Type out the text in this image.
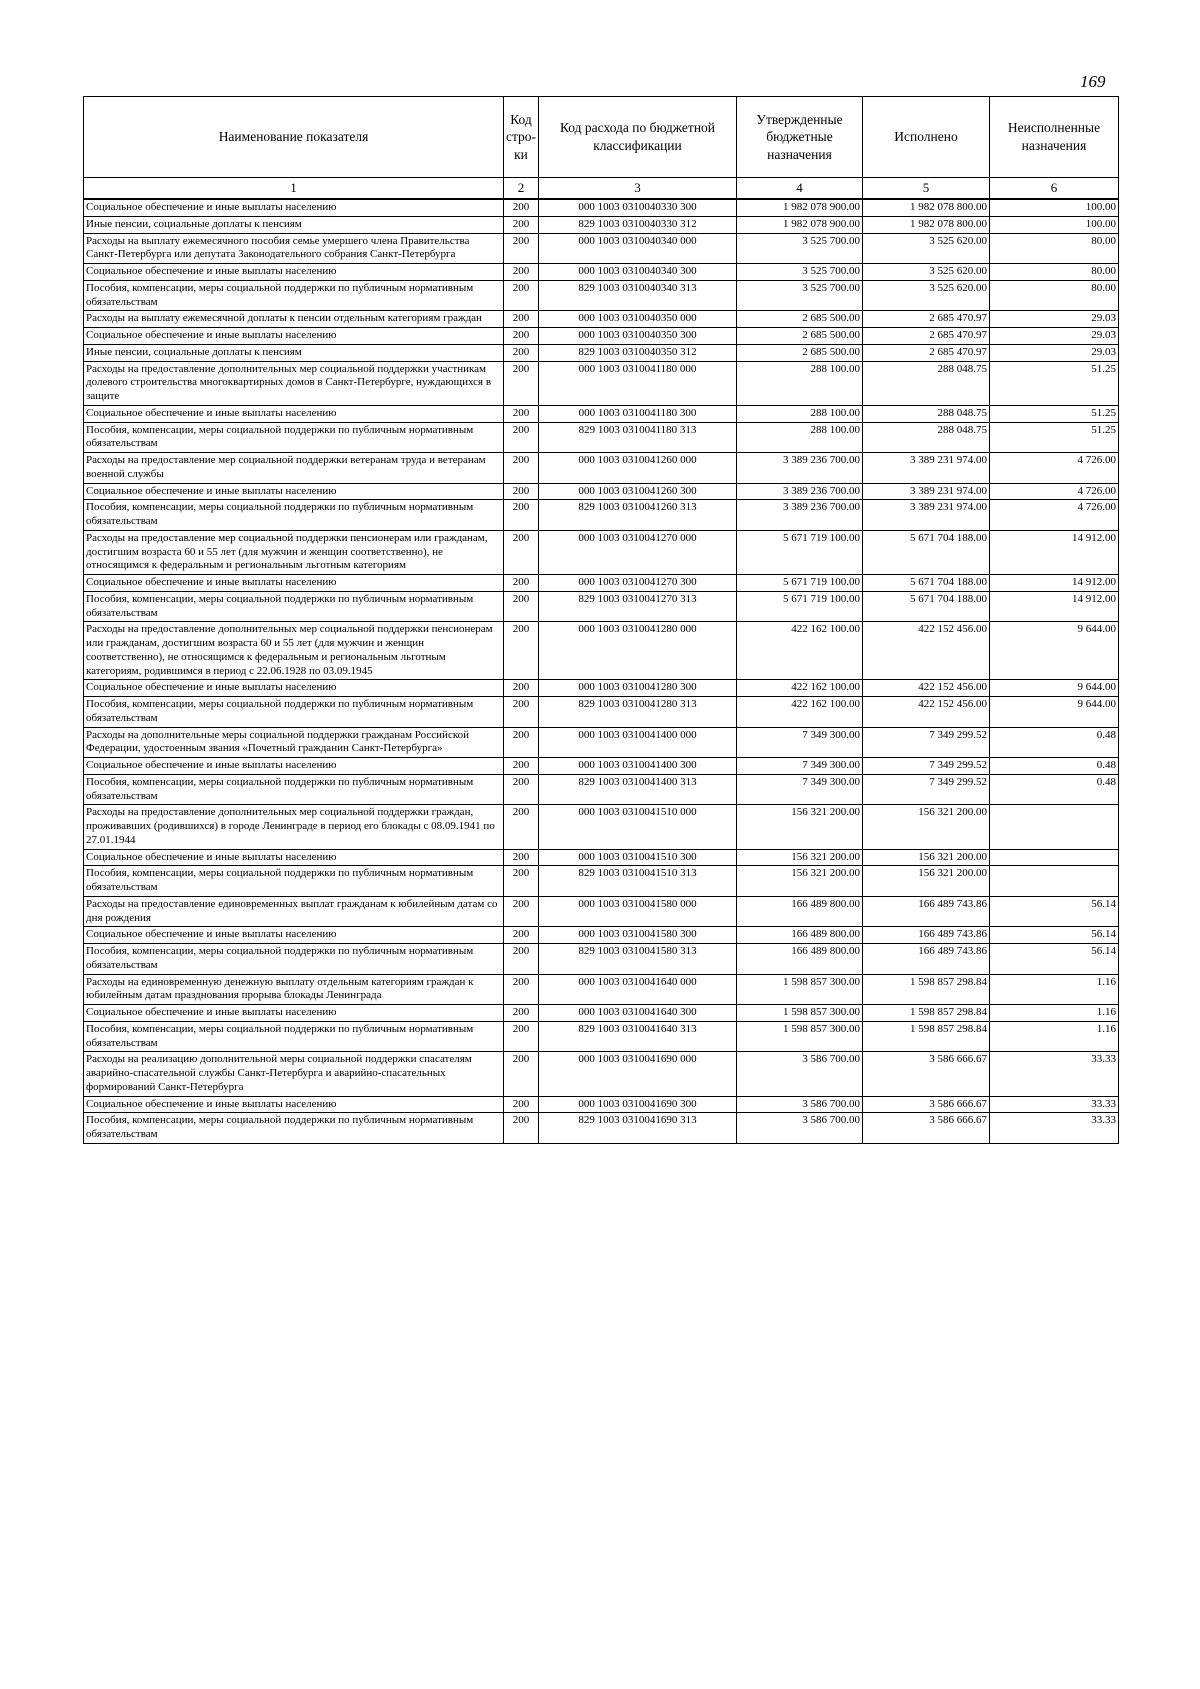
169
Наименование показателя	Код стро-ки	Код расхода по бюджетной классификации	Утвержденные бюджетные назначения	Исполнено	Неисполненные назначения
1	2	3	4	5	6
Социальное обеспечение и иные выплаты населению	200	000 1003 0310040330 300	1 982 078 900.00	1 982 078 800.00	100.00
Иные пенсии, социальные доплаты к пенсиям	200	829 1003 0310040330 312	1 982 078 900.00	1 982 078 800.00	100.00
Расходы на выплату ежемесячного пособия семье умершего члена Правительства Санкт-Петербурга или депутата Законодательного собрания Санкт-Петербурга	200	000 1003 0310040340 000	3 525 700.00	3 525 620.00	80.00
Социальное обеспечение и иные выплаты населению	200	000 1003 0310040340 300	3 525 700.00	3 525 620.00	80.00
Пособия, компенсации, меры социальной поддержки по публичным нормативным обязательствам	200	829 1003 0310040340 313	3 525 700.00	3 525 620.00	80.00
Расходы на выплату ежемесячной доплаты к пенсии отдельным категориям граждан	200	000 1003 0310040350 000	2 685 500.00	2 685 470.97	29.03
Социальное обеспечение и иные выплаты населению	200	000 1003 0310040350 300	2 685 500.00	2 685 470.97	29.03
Иные пенсии, социальные доплаты к пенсиям	200	829 1003 0310040350 312	2 685 500.00	2 685 470.97	29.03
Расходы на предоставление дополнительных мер социальной поддержки участникам долевого строительства многоквартирных домов в Санкт-Петербурге, нуждающихся в защите	200	000 1003 0310041180 000	288 100.00	288 048.75	51.25
Социальное обеспечение и иные выплаты населению	200	000 1003 0310041180 300	288 100.00	288 048.75	51.25
Пособия, компенсации, меры социальной поддержки по публичным нормативным обязательствам	200	829 1003 0310041180 313	288 100.00	288 048.75	51.25
Расходы на предоставление мер социальной поддержки ветеранам труда и ветеранам военной службы	200	000 1003 0310041260 000	3 389 236 700.00	3 389 231 974.00	4 726.00
Социальное обеспечение и иные выплаты населению	200	000 1003 0310041260 300	3 389 236 700.00	3 389 231 974.00	4 726.00
Пособия, компенсации, меры социальной поддержки по публичным нормативным обязательствам	200	829 1003 0310041260 313	3 389 236 700.00	3 389 231 974.00	4 726.00
Расходы на предоставление мер социальной поддержки пенсионерам или гражданам, достигшим возраста 60 и 55 лет (для мужчин и женщин соответственно), не относящимся к федеральным и региональным льготным категориям	200	000 1003 0310041270 000	5 671 719 100.00	5 671 704 188.00	14 912.00
Социальное обеспечение и иные выплаты населению	200	000 1003 0310041270 300	5 671 719 100.00	5 671 704 188.00	14 912.00
Пособия, компенсации, меры социальной поддержки по публичным нормативным обязательствам	200	829 1003 0310041270 313	5 671 719 100.00	5 671 704 188.00	14 912.00
Расходы на предоставление дополнительных мер социальной поддержки пенсионерам или гражданам, достигшим возраста 60 и 55 лет (для мужчин и женщин соответственно), не относящимся к федеральным и региональным льготным категориям, родившимся в период с 22.06.1928 по 03.09.1945	200	000 1003 0310041280 000	422 162 100.00	422 152 456.00	9 644.00
Социальное обеспечение и иные выплаты населению	200	000 1003 0310041280 300	422 162 100.00	422 152 456.00	9 644.00
Пособия, компенсации, меры социальной поддержки по публичным нормативным обязательствам	200	829 1003 0310041280 313	422 162 100.00	422 152 456.00	9 644.00
Расходы на дополнительные меры социальной поддержки гражданам Российской Федерации, удостоенным звания «Почетный гражданин Санкт-Петербурга»	200	000 1003 0310041400 000	7 349 300.00	7 349 299.52	0.48
Социальное обеспечение и иные выплаты населению	200	000 1003 0310041400 300	7 349 300.00	7 349 299.52	0.48
Пособия, компенсации, меры социальной поддержки по публичным нормативным обязательствам	200	829 1003 0310041400 313	7 349 300.00	7 349 299.52	0.48
Расходы на предоставление дополнительных мер социальной поддержки граждан, проживавших (родившихся) в городе Ленинграде в период его блокады с 08.09.1941 по 27.01.1944	200	000 1003 0310041510 000	156 321 200.00	156 321 200.00	
Социальное обеспечение и иные выплаты населению	200	000 1003 0310041510 300	156 321 200.00	156 321 200.00	
Пособия, компенсации, меры социальной поддержки по публичным нормативным обязательствам	200	829 1003 0310041510 313	156 321 200.00	156 321 200.00	
Расходы на предоставление единовременных выплат гражданам к юбилейным датам со дня рождения	200	000 1003 0310041580 000	166 489 800.00	166 489 743.86	56.14
Социальное обеспечение и иные выплаты населению	200	000 1003 0310041580 300	166 489 800.00	166 489 743.86	56.14
Пособия, компенсации, меры социальной поддержки по публичным нормативным обязательствам	200	829 1003 0310041580 313	166 489 800.00	166 489 743.86	56.14
Расходы на единовременную денежную выплату отдельным категориям граждан к юбилейным датам празднования прорыва блокады Ленинграда	200	000 1003 0310041640 000	1 598 857 300.00	1 598 857 298.84	1.16
Социальное обеспечение и иные выплаты населению	200	000 1003 0310041640 300	1 598 857 300.00	1 598 857 298.84	1.16
Пособия, компенсации, меры социальной поддержки по публичным нормативным обязательствам	200	829 1003 0310041640 313	1 598 857 300.00	1 598 857 298.84	1.16
Расходы на реализацию дополнительной меры социальной поддержки спасателям аварийно-спасательной службы Санкт-Петербурга и аварийно-спасательных формирований Санкт-Петербурга	200	000 1003 0310041690 000	3 586 700.00	3 586 666.67	33.33
Социальное обеспечение и иные выплаты населению	200	000 1003 0310041690 300	3 586 700.00	3 586 666.67	33.33
Пособия, компенсации, меры социальной поддержки по публичным нормативным обязательствам	200	829 1003 0310041690 313	3 586 700.00	3 586 666.67	33.33
